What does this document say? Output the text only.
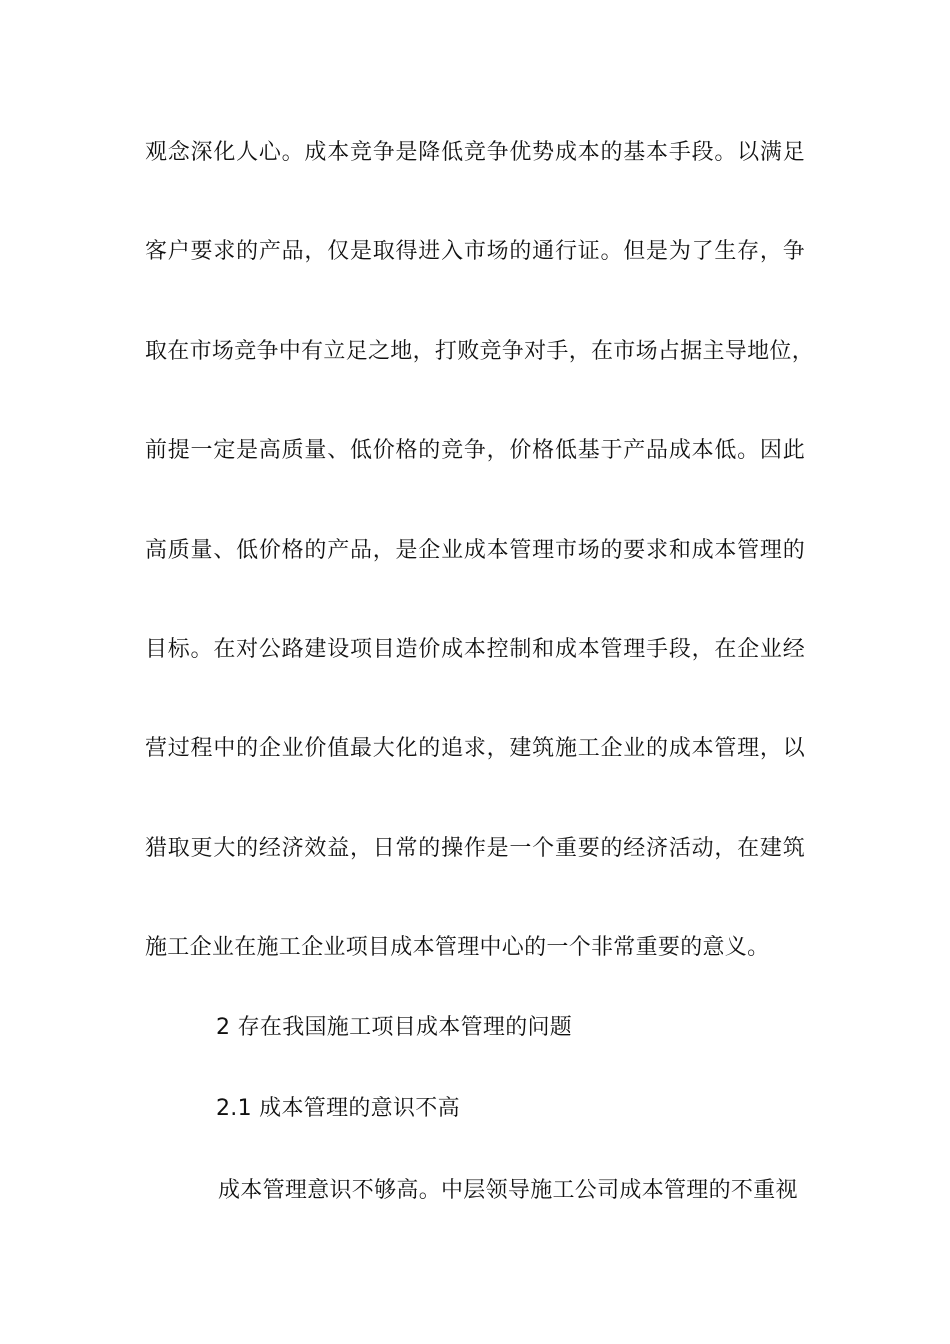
观念深化人心。成本竞争是降低竞争优势成本的基本手段。以满足
客户要求的产品，仅是取得进入市场的通行证。但是为了生存，争
取在市场竞争中有立足之地，打败竞争对手，在市场占据主导地位，
前提一定是高质量、低价格的竞争，价格低基于产品成本低。因此
高质量、低价格的产品，是企业成本管理市场的要求和成本管理的
目标。在对公路建设项目造价成本控制和成本管理手段，在企业经
营过程中的企业价值最大化的追求，建筑施工企业的成本管理，以
猎取更大的经济效益，日常的操作是一个重要的经济活动，在建筑
施工企业在施工企业项目成本管理中心的一个非常重要的意义。
2 存在我国施工项目成本管理的问题
2.1 成本管理的意识不高
成本管理意识不够高。中层领导施工公司成本管理的不重视
